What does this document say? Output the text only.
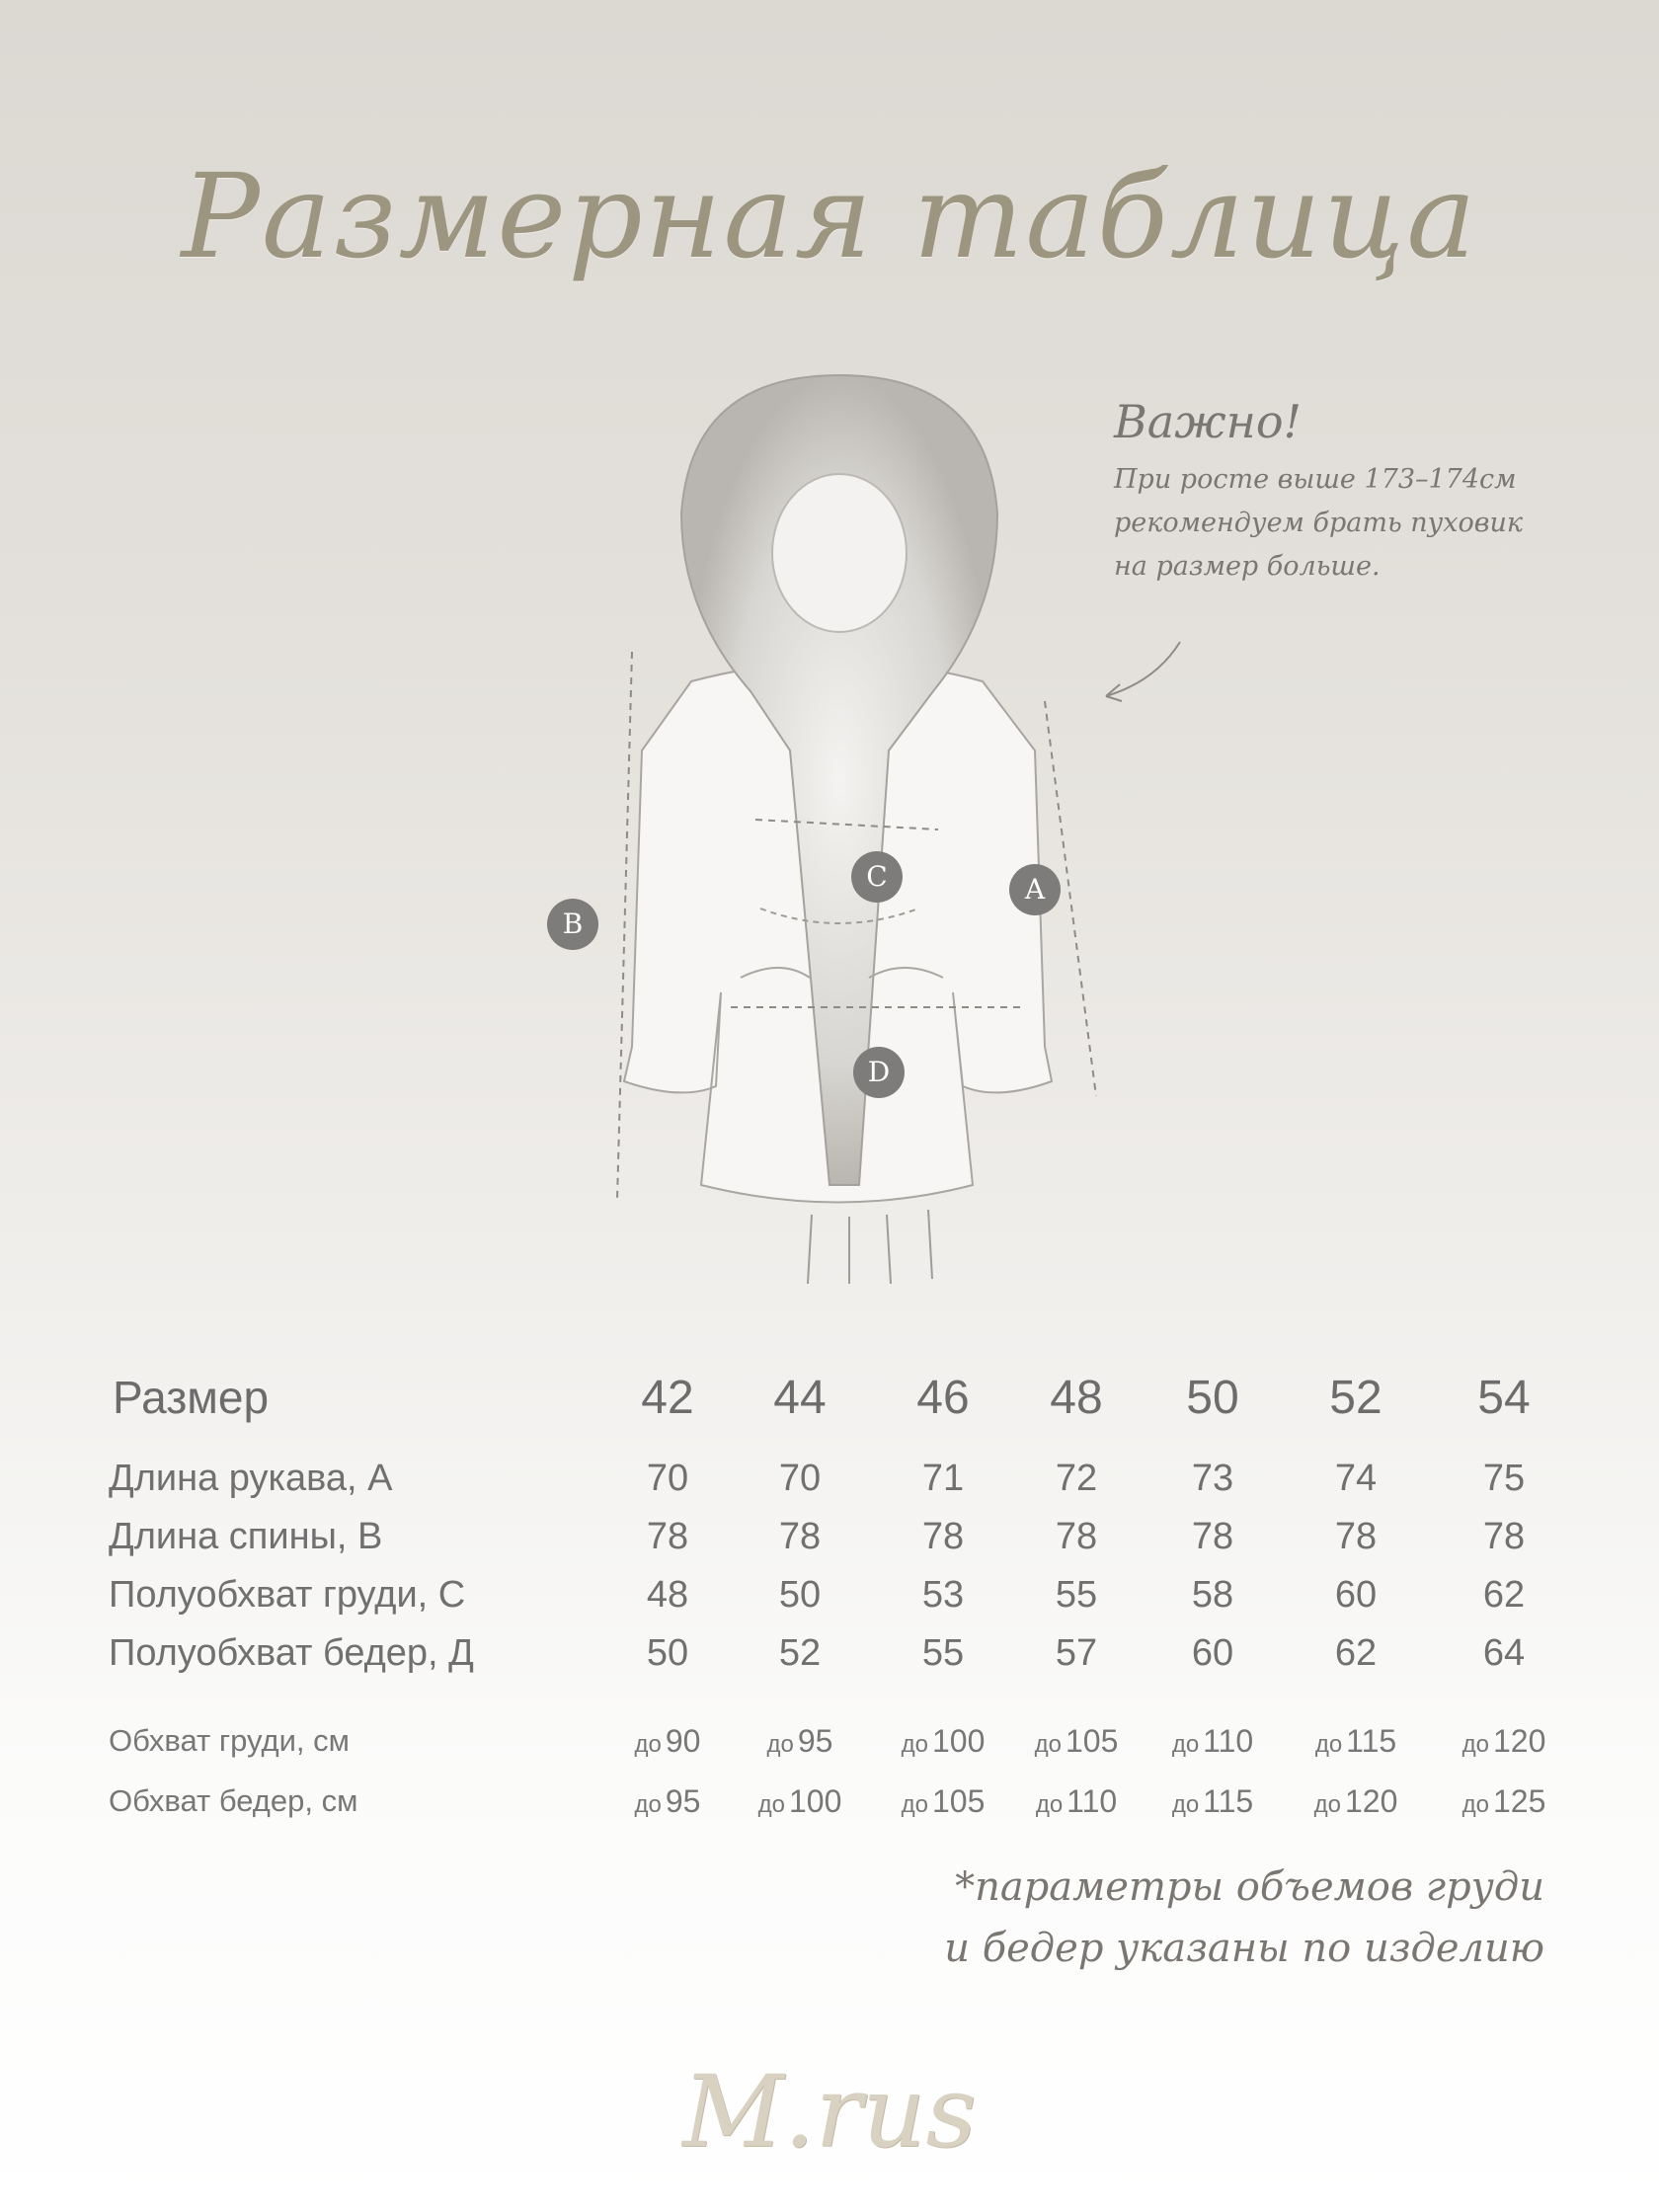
Размерная таблица
B
C	A
D
Важно!
При росте выше 173–174см
рекомендуем брать пуховик
на размер больше.
Размер	42	44	46	48	50	52	54
Длина рукава, А	70	70	71	72	73	74	75
Длина спины, В	78	78	78	78	78	78	78
Полуобхват груди, С	48	50	53	55	58	60	62
Полуобхват бедер, Д	50	52	55	57	60	62	64
Обхват груди, см	до 90	до 95	до 100	до 105	до 110	до 115	до 120
Обхват бедер, см	до 95	до 100	до 105	до 110	до 115	до 120	до 125
*параметры объемов груди
и бедер указаны по изделию
M.rus
